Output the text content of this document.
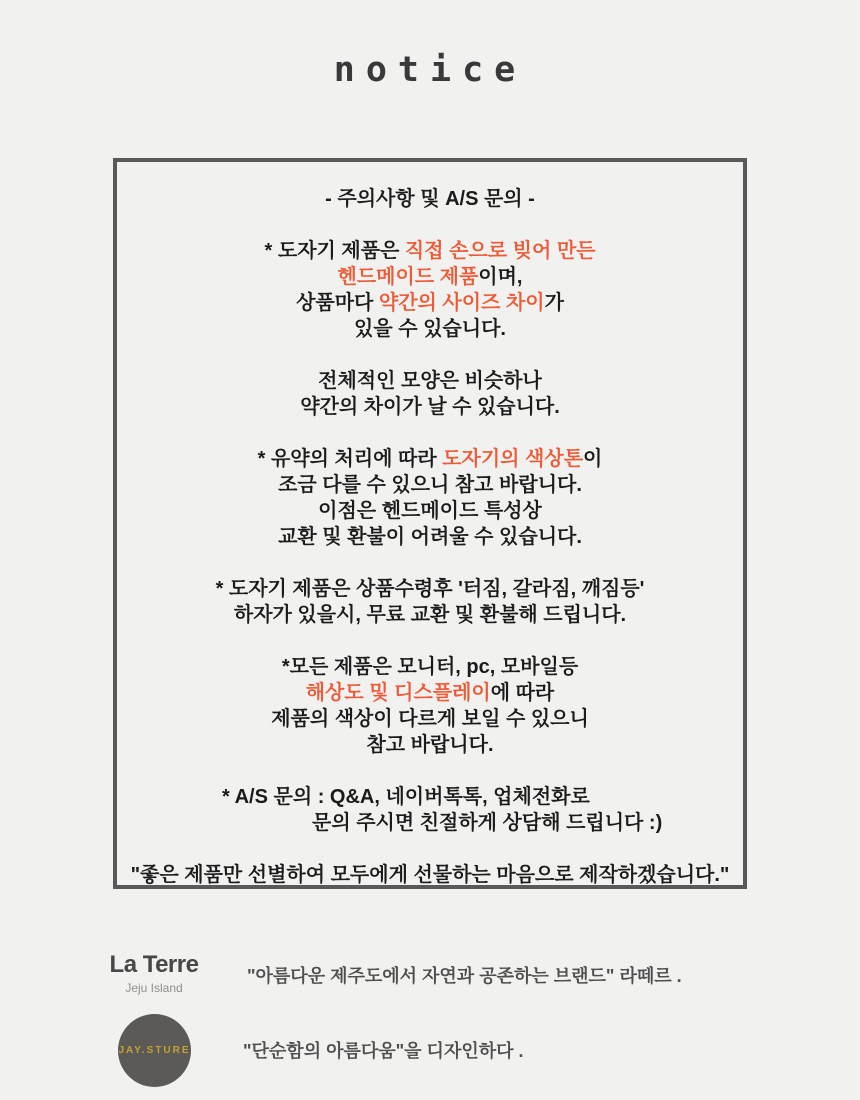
notice
- 주의사항 및 A/S 문의 -
* 도자기 제품은 직접 손으로 빚어 만든
헨드메이드 제품이며,
상품마다 약간의 사이즈 차이가
있을 수 있습니다.
전체적인 모양은 비슷하나
약간의 차이가 날 수 있습니다.
* 유약의 처리에 따라 도자기의 색상톤이
조금 다를 수 있으니 참고 바랍니다.
이점은 헨드메이드 특성상
교환 및 환불이 어려울 수 있습니다.
* 도자기 제품은 상품수령후 '터짐, 갈라짐, 깨짐등'
하자가 있을시, 무료 교환 및 환불해 드립니다.
*모든 제품은 모니터, pc, 모바일등
해상도 및 디스플레이에 따라
제품의 색상이 다르게 보일 수 있으니
참고 바랍니다.
* A/S 문의 : Q&A, 네이버톡톡, 업체전화로
문의 주시면 친절하게 상담해 드립니다 :)
"좋은 제품만 선별하여 모두에게 선물하는 마음으로 제작하겠습니다."
La Terre
Jeju Island
"아름다운 제주도에서 자연과 공존하는 브랜드" 라떼르 .
JAY.STURE	"단순함의 아름다움"을 디자인하다 .
